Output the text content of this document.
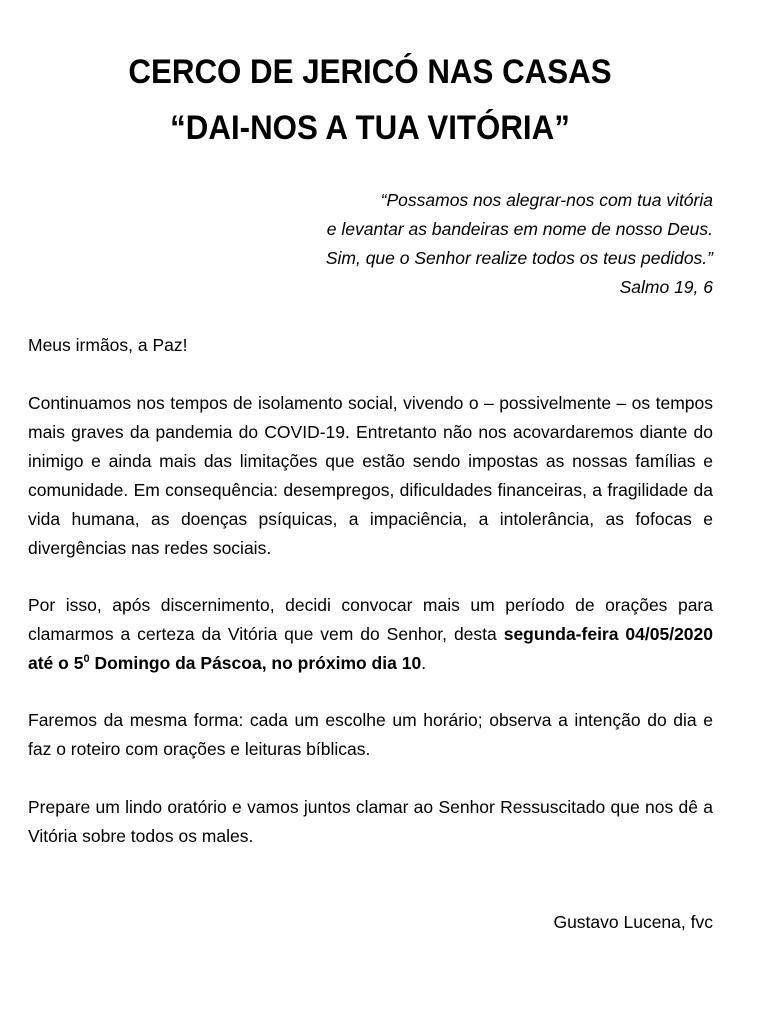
CERCO DE JERICÓ NAS CASAS
“DAI-NOS A TUA VITÓRIA”
“Possamos nos alegrar-nos com tua vitória
e levantar as bandeiras em nome de nosso Deus.
Sim, que o Senhor realize todos os teus pedidos.”
Salmo 19, 6
Meus irmãos, a Paz!
Continuamos nos tempos de isolamento social, vivendo o – possivelmente – os tempos mais graves da pandemia do COVID-19. Entretanto não nos acovardaremos diante do inimigo e ainda mais das limitações que estão sendo impostas as nossas famílias e comunidade. Em consequência: desempregos, dificuldades financeiras, a fragilidade da vida humana, as doenças psíquicas, a impaciência, a intolerância, as fofocas e divergências nas redes sociais.
Por isso, após discernimento, decidi convocar mais um período de orações para clamarmos a certeza da Vitória que vem do Senhor, desta segunda-feira 04/05/2020 até o $5^0$ Domingo da Páscoa, no próximo dia 10.
Faremos da mesma forma: cada um escolhe um horário; observa a intenção do dia e faz o roteiro com orações e leituras bíblicas.
Prepare um lindo oratório e vamos juntos clamar ao Senhor Ressuscitado que nos dê a Vitória sobre todos os males.
Gustavo Lucena, fvc
